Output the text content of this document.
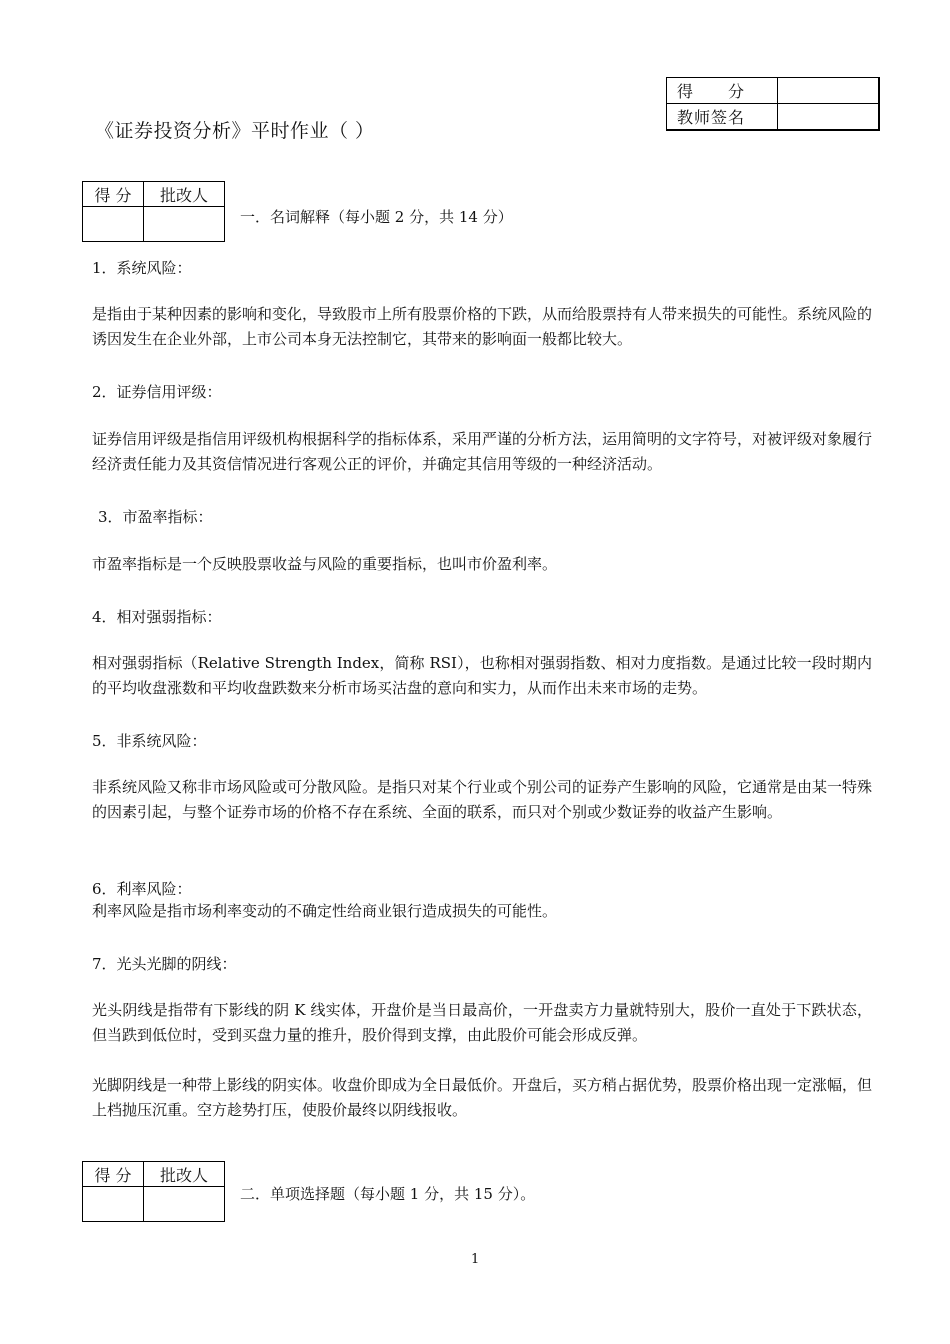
《证券投资分析》平时作业（ ）
得　　分	
教师签名	
得 分	批改人

一．名词解释（每小题 2 分，共 14 分）
1．系统风险：
是指由于某种因素的影响和变化，导致股市上所有股票价格的下跌，从而给股票持有人带来损失的可能性。系统风险的诱因发生在企业外部，上市公司本身无法控制它，其带来的影响面一般都比较大。
2．证券信用评级：
证券信用评级是指信用评级机构根据科学的指标体系，采用严谨的分析方法，运用简明的文字符号，对被评级对象履行经济责任能力及其资信情况进行客观公正的评价，并确定其信用等级的一种经济活动。
3．市盈率指标：
市盈率指标是一个反映股票收益与风险的重要指标，也叫市价盈利率。
4．相对强弱指标：
相对强弱指标（Relative Strength Index，简称 RSI），也称相对强弱指数、相对力度指数。是通过比较一段时期内的平均收盘涨数和平均收盘跌数来分析市场买沽盘的意向和实力，从而作出未来市场的走势。
5．非系统风险：
非系统风险又称非市场风险或可分散风险。是指只对某个行业或个别公司的证券产生影响的风险，它通常是由某一特殊的因素引起，与整个证券市场的价格不存在系统、全面的联系，而只对个别或少数证券的收益产生影响。
6．利率风险：
利率风险是指市场利率变动的不确定性给商业银行造成损失的可能性。
7．光头光脚的阴线：
光头阴线是指带有下影线的阴 K 线实体，开盘价是当日最高价，一开盘卖方力量就特别大，股价一直处于下跌状态，但当跌到低位时，受到买盘力量的推升，股价得到支撑，由此股价可能会形成反弹。
光脚阴线是一种带上影线的阴实体。收盘价即成为全日最低价。开盘后，买方稍占据优势，股票价格出现一定涨幅，但上档抛压沉重。空方趁势打压，使股价最终以阴线报收。
得 分	批改人

二．单项选择题（每小题 1 分，共 15 分）。
1
